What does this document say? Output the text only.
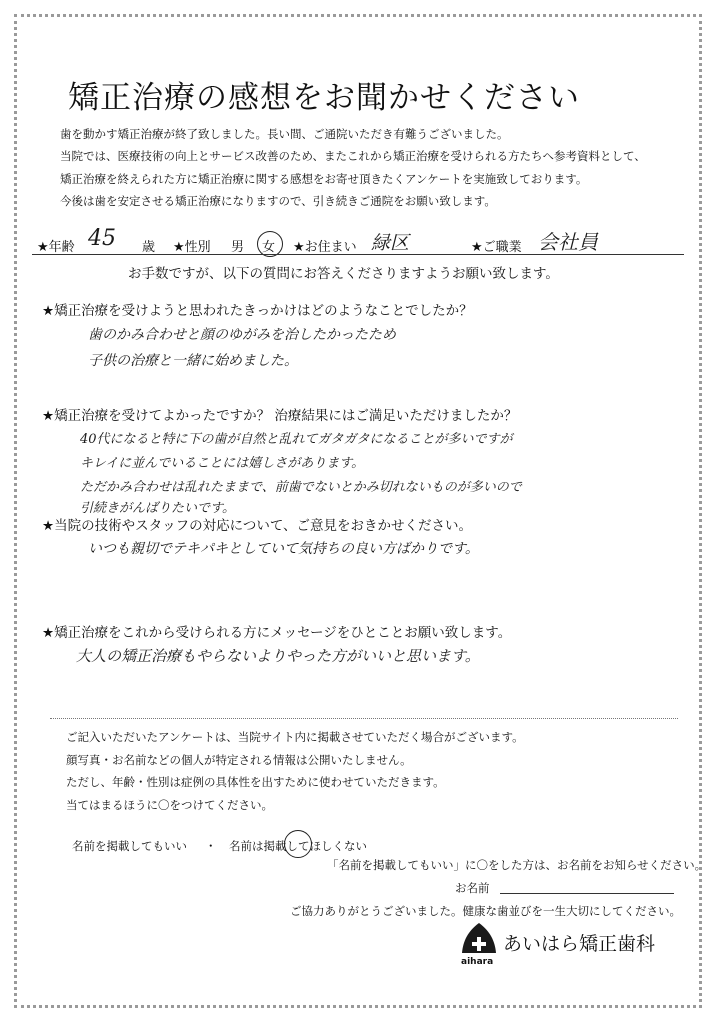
矯正治療の感想をお聞かせください
歯を動かす矯正治療が終了致しました。長い間、ご通院いただき有難うございました。
当院では、医療技術の向上とサービス改善のため、またこれから矯正治療を受けられる方たちへ参考資料として、
矯正治療を終えられた方に矯正治療に関する感想をお寄せ頂きたくアンケートを実施致しております。
今後は歯を安定させる矯正治療になりますので、引き続きご通院をお願い致します。
★年齢 45 歳 ★性別 男 女 ★お住まい 緑区	★ご職業 会社員
お手数ですが、以下の質問にお答えくださりますようお願い致します。
★矯正治療を受けようと思われたきっかけはどのようなことでしたか？
歯のかみ合わせと顔のゆがみを治したかったため
子供の治療と一緒に始めました。
★矯正治療を受けてよかったですか？ 治療結果にはご満足いただけましたか？
40代になると特に下の歯が自然と乱れてガタガタになることが多いですが
キレイに並んでいることには嬉しさがあります。
ただかみ合わせは乱れたままで、前歯でないとかみ切れないものが多いので
引続きがんばりたいです。
★当院の技術やスタッフの対応について、ご意見をおきかせください。
いつも親切でテキパキとしていて気持ちの良い方ばかりです。
★矯正治療をこれから受けられる方にメッセージをひとことお願い致します。
大人の矯正治療もやらないよりやった方がいいと思います。
ご記入いただいたアンケートは、当院サイト内に掲載させていただく場合がございます。
顔写真・お名前などの個人が特定される情報は公開いたしません。
ただし、年齢・性別は症例の具体性を出すために使わせていただきます。
当てはまるほうに〇をつけてください。
名前を掲載してもいい ・ 名前は掲載してほしくない
「名前を掲載してもいい」に〇をした方は、お名前をお知らせください。
お名前
ご協力ありがとうございました。健康な歯並びを一生大切にしてください。
aihara
あいはら矯正歯科
